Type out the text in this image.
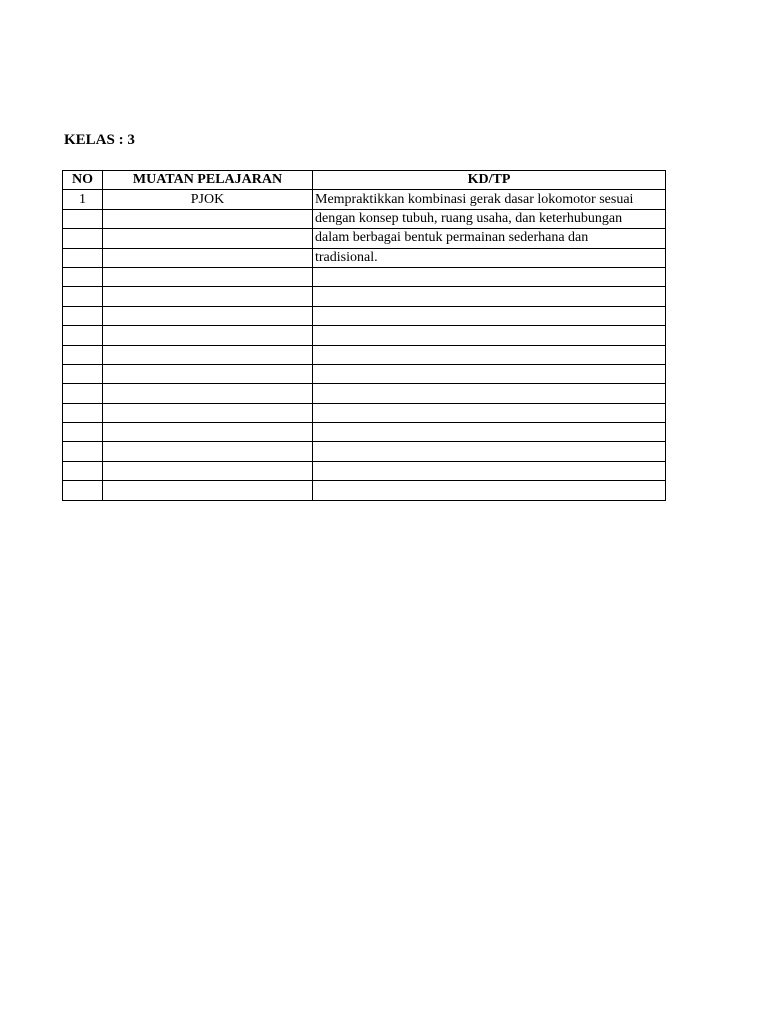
KELAS : 3
NO	MUATAN PELAJARAN	KD/TP
1	PJOK	Mempraktikkan kombinasi gerak dasar lokomotor sesuai
		dengan konsep tubuh, ruang usaha, dan keterhubungan
		dalam berbagai bentuk permainan sederhana dan
		tradisional.
